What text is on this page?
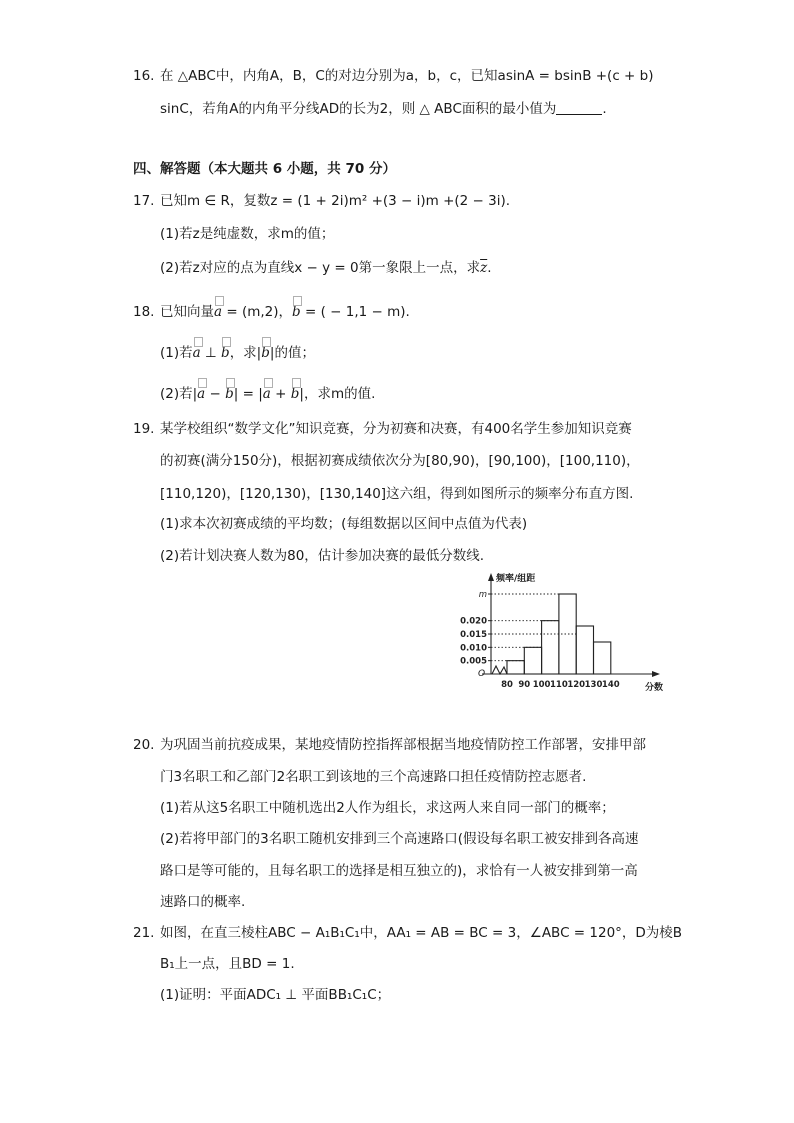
16. 在 △ABC中，内角A，B，C的对边分别为a，b，c，已知asinA = bsinB +(c + b)
sinC，若角A的内角平分线AD的长为2，则 △ ABC面积的最小值为	.
四、解答题（本大题共 6 小题，共 70 分）
17. 已知m ∈ R，复数z = (1 + 2i)m² +(3 − i)m +(2 − 3i).
(1)若z是纯虚数，求m的值；
(2)若z对应的点为直线x − y = 0第一象限上一点，求$\overline{z}$.
18. 已知向量a = (m,2)，b = ( − 1,1 − m).
(1)若a ⊥ b，求|b|的值；
(2)若|a − b| = |a + b|，求m的值.
19. 某学校组织“数学文化”知识竞赛，分为初赛和决赛，有400名学生参加知识竞赛
的初赛(满分150分)，根据初赛成绩依次分为[80,90)，[90,100)，[100,110)，
[110,120)，[120,130)，[130,140]这六组，得到如图所示的频率分布直方图.
(1)求本次初赛成绩的平均数；(每组数据以区间中点值为代表)
(2)若计划决赛人数为80，估计参加决赛的最低分数线.
m
0.020
0.015
0.010
0.005
80 90 100 110 120 130 140
频率/组距
分数
O
20. 为巩固当前抗疫成果，某地疫情防控指挥部根据当地疫情防控工作部署，安排甲部
门3名职工和乙部门2名职工到该地的三个高速路口担任疫情防控志愿者.
(1)若从这5名职工中随机选出2人作为组长，求这两人来自同一部门的概率；
(2)若将甲部门的3名职工随机安排到三个高速路口(假设每名职工被安排到各高速
路口是等可能的，且每名职工的选择是相互独立的)，求恰有一人被安排到第一高
速路口的概率.
21. 如图，在直三棱柱ABC − A₁B₁C₁中，AA₁ = AB = BC = 3，∠ABC = 120°，D为棱B
B₁上一点，且BD = 1.
(1)证明：平面ADC₁ ⊥ 平面BB₁C₁C；
